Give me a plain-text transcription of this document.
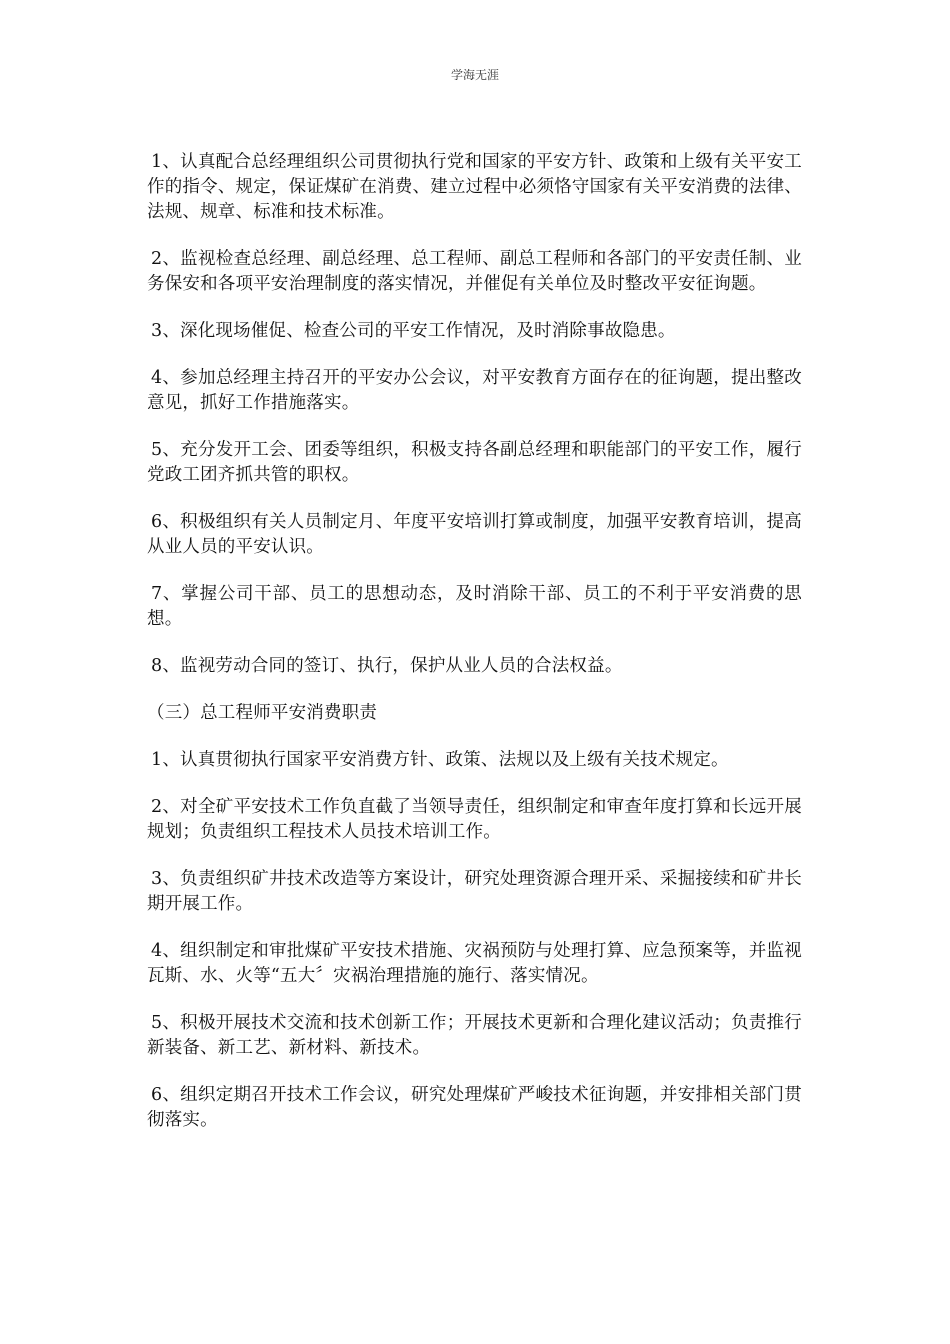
学海无涯

1、认真配合总经理组织公司贯彻执行党和国家的平安方针、政策和上级有关平安工作的指令、规定，保证煤矿在消费、建立过程中必须恪守国家有关平安消费的法律、法规、规章、标准和技术标准。

2、监视检查总经理、副总经理、总工程师、副总工程师和各部门的平安责任制、业务保安和各项平安治理制度的落实情况，并催促有关单位及时整改平安征询题。

3、深化现场催促、检查公司的平安工作情况，及时消除事故隐患。

4、参加总经理主持召开的平安办公会议，对平安教育方面存在的征询题，提出整改意见，抓好工作措施落实。

5、充分发开工会、团委等组织，积极支持各副总经理和职能部门的平安工作，履行党政工团齐抓共管的职权。

6、积极组织有关人员制定月、年度平安培训打算或制度，加强平安教育培训，提高从业人员的平安认识。

7、掌握公司干部、员工的思想动态，及时消除干部、员工的不利于平安消费的思想。

8、监视劳动合同的签订、执行，保护从业人员的合法权益。

（三）总工程师平安消费职责

1、认真贯彻执行国家平安消费方针、政策、法规以及上级有关技术规定。

2、对全矿平安技术工作负直截了当领导责任，组织制定和审查年度打算和长远开展规划；负责组织工程技术人员技术培训工作。

3、负责组织矿井技术改造等方案设计，研究处理资源合理开采、采掘接续和矿井长期开展工作。

4、组织制定和审批煤矿平安技术措施、灾祸预防与处理打算、应急预案等，并监视瓦斯、水、火等“五大〞灾祸治理措施的施行、落实情况。

5、积极开展技术交流和技术创新工作；开展技术更新和合理化建议活动；负责推行新装备、新工艺、新材料、新技术。

6、组织定期召开技术工作会议，研究处理煤矿严峻技术征询题，并安排相关部门贯彻落实。
